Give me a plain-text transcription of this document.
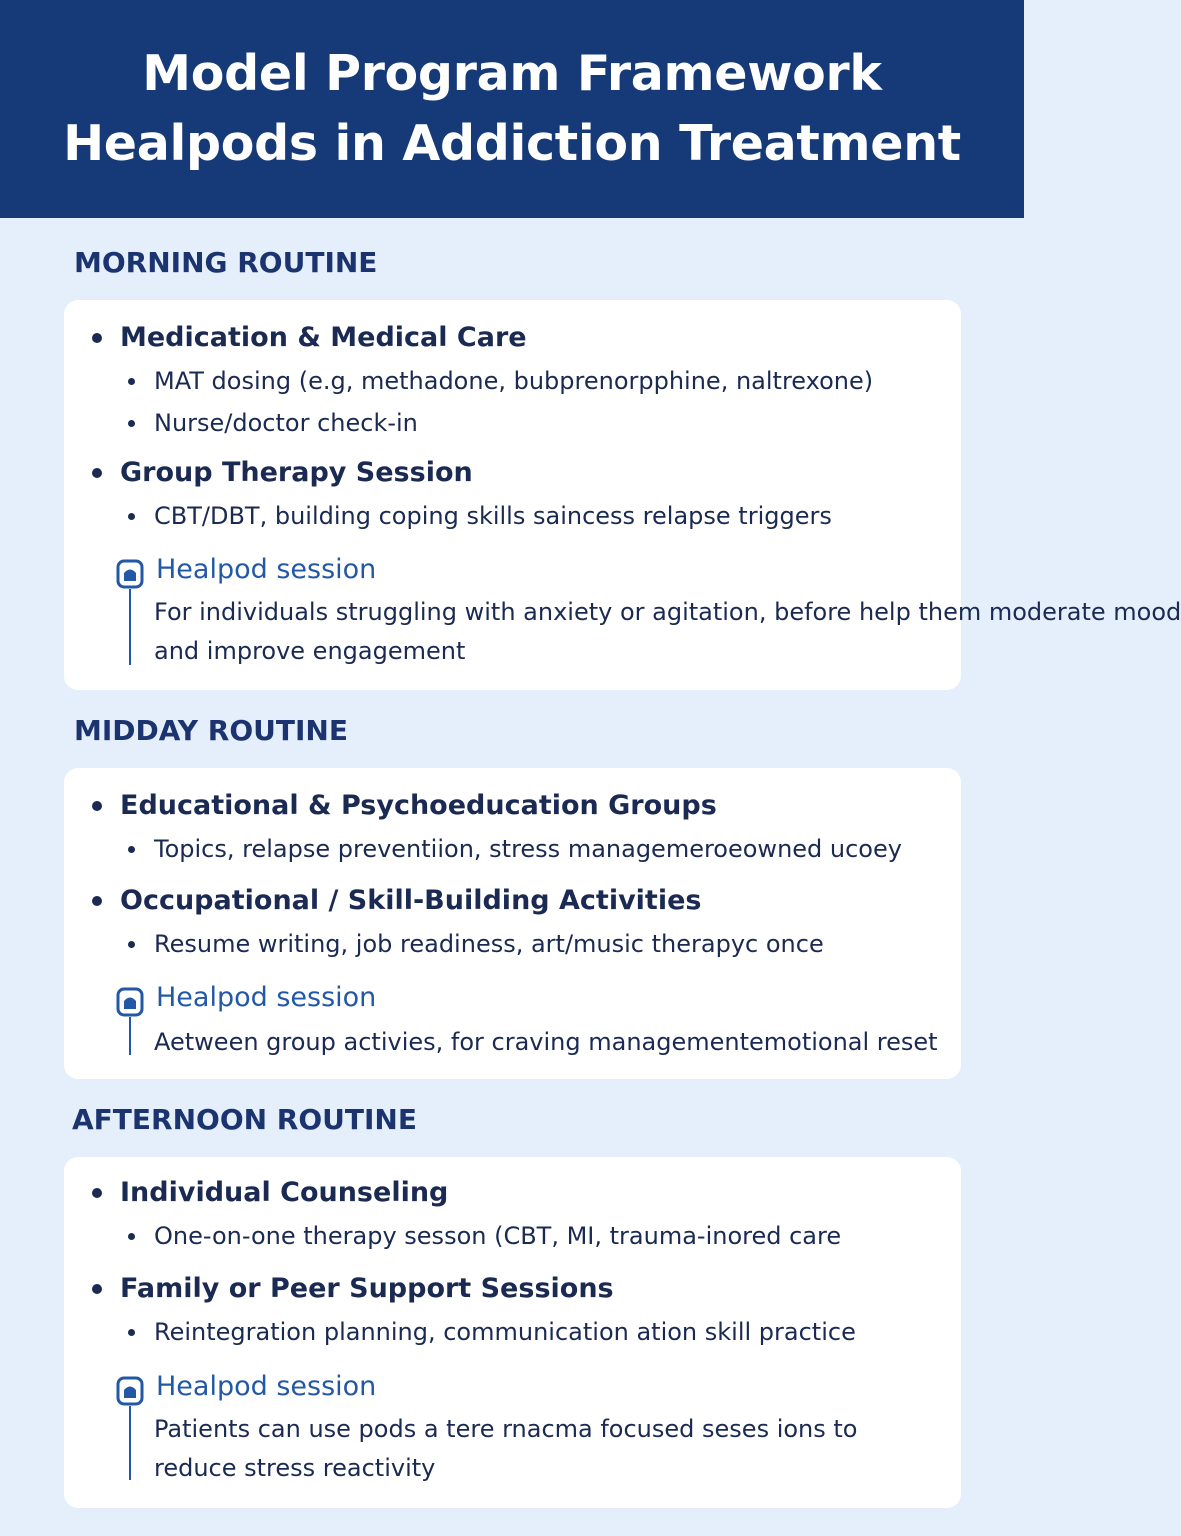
Model Program Framework
Healpods in Addiction Treatment
MORNING ROUTINE
Medication & Medical Care
MAT dosing (e.g, methadone, bubprenorpphine, naltrexone)
Nurse/doctor check-in
Group Therapy Session
CBT/DBT, building coping skills saincess relapse triggers
Healpod session
For individuals struggling with anxiety or agitation, before help them moderate mood
and improve engagement
MIDDAY ROUTINE
Educational & Psychoeducation Groups
Topics, relapse preventiion, stress managemeroeowned ucoey
Occupational / Skill-Building Activities
Resume writing, job readiness, art/music therapyc once
Healpod session
Aetween group activies, for craving managementemotional reset
AFTERNOON ROUTINE
Individual Counseling
One-on-one therapy sesson (CBT, MI, trauma-inored care
Family or Peer Support Sessions
Reintegration planning, communication ation skill practice
Healpod session
Patients can use pods a tere rnacma focused seses ions to
reduce stress reactivity
